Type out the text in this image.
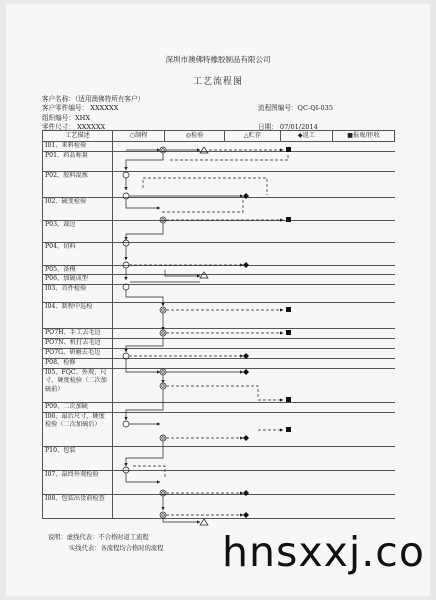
深圳市澳佛特橡胶制品有限公司
工艺流程图
客户名称：（适用澳佛特所有客户）
客户零件编号： XXXXXX	流程图编号：QC-QI-035
组织编号：XHX
零件尺寸： XXXXXX	日期： 07/01/2014
工艺描述	○制程	◎检验	△贮存	◆返工	■报废/拒收
I01、来料检验					
P01、药品称量					
P02、胶料混炼					
I02、硫变检验					
P03、裁边					
P04、切料					
P05、备模					
P06、加硫成型					
I03、首件检验					
I04、制程中巡检					
PO7H、手工去毛边					
PO7N、机打去毛边					
PO7G、研磨去毛边					
P08、检修					
I05、FQC、外观、尺寸、硬度检验（二次加硫前）					
P09、二次加硫					
I06、最后尺寸、硬度检验（二次加硫后）					
P10、包装					
I07、最终外观检验					
I08、包装出货前检查					
说明：虚线代表：不合格时返工流程
实线代表：各流程均合格时的流程 hnsxxj.co
